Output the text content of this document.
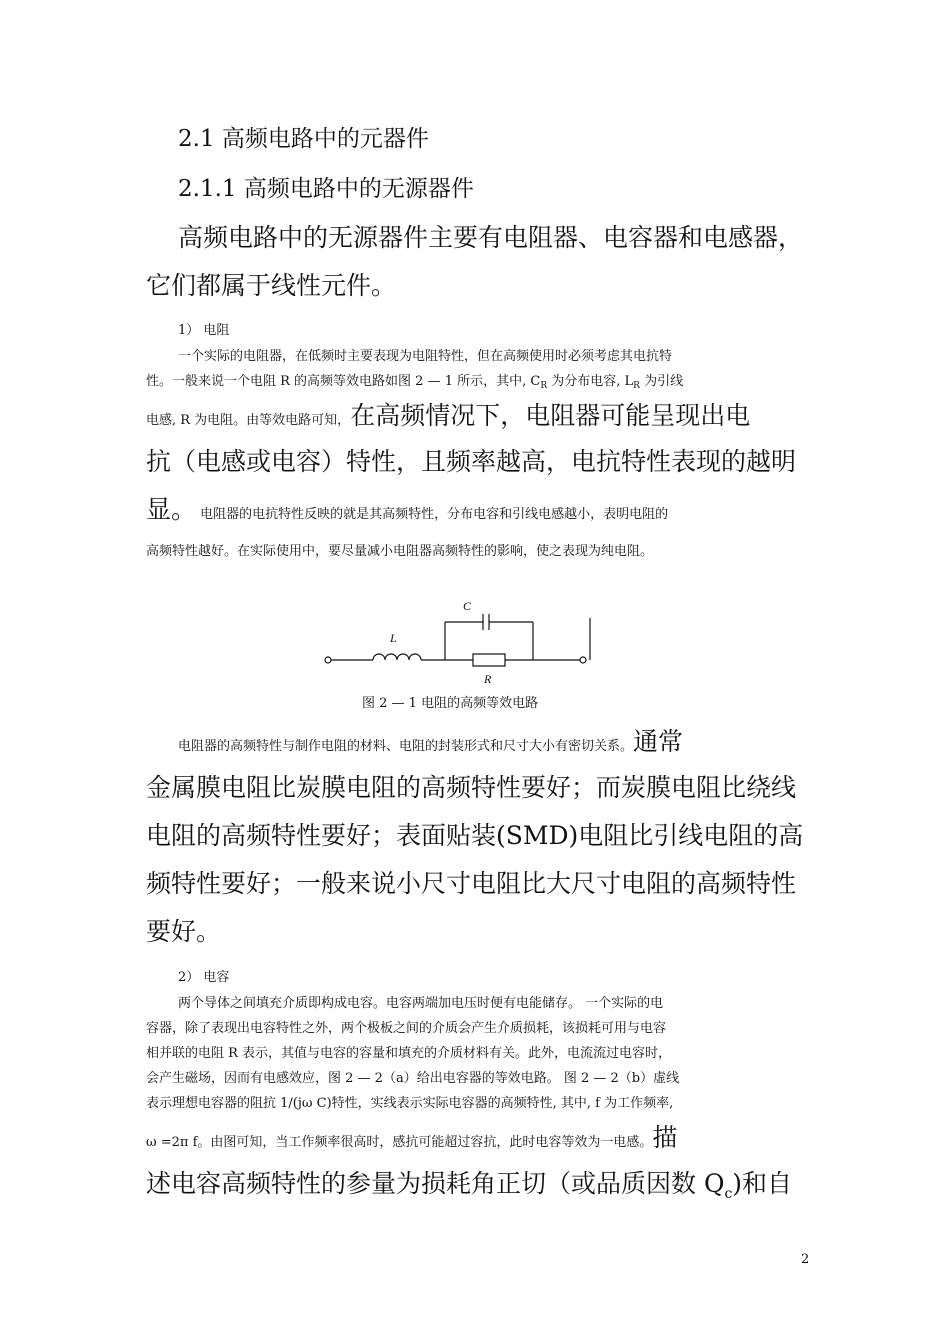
2.1 高频电路中的元器件
2.1.1 高频电路中的无源器件
高频电路中的无源器件主要有电阻器、电容器和电感器，
它们都属于线性元件。
1） 电阻
一个实际的电阻器，在低频时主要表现为电阻特性，但在高频使用时必须考虑其电抗特
性。一般来说一个电阻 R 的高频等效电路如图 2 — 1 所示，其中, $C_R$ 为分布电容, $L_R$ 为引线
电感, R 为电阻。由等效电路可知，在高频情况下，电阻器可能呈现出电
抗（电感或电容）特性，且频率越高，电抗特性表现的越明
显。 电阻器的电抗特性反映的就是其高频特性，分布电容和引线电感越小，表明电阻的
高频特性越好。在实际使用中，要尽量减小电阻器高频特性的影响，使之表现为纯电阻。
C
L
R
图 2 — 1 电阻的高频等效电路
电阻器的高频特性与制作电阻的材料、电阻的封装形式和尺寸大小有密切关系。通常
金属膜电阻比炭膜电阻的高频特性要好；而炭膜电阻比绕线
电阻的高频特性要好；表面贴装(SMD)电阻比引线电阻的高
频特性要好；一般来说小尺寸电阻比大尺寸电阻的高频特性
要好。
2） 电容
两个导体之间填充介质即构成电容。电容两端加电压时便有电能储存。 一个实际的电
容器，除了表现出电容特性之外，两个极板之间的介质会产生介质损耗，该损耗可用与电容
相并联的电阻 R 表示，其值与电容的容量和填充的介质材料有关。此外，电流流过电容时，
会产生磁场，因而有电感效应，图 2 — 2（a）给出电容器的等效电路。 图 2 — 2（b）虚线
表示理想电容器的阻抗 1/(jω C)特性，实线表示实际电容器的高频特性, 其中, f 为工作频率,
ω =2π f。由图可知，当工作频率很高时，感抗可能超过容抗，此时电容等效为一电感。描
述电容高频特性的参量为损耗角正切（或品质因数 $Q_c$)和自
2
